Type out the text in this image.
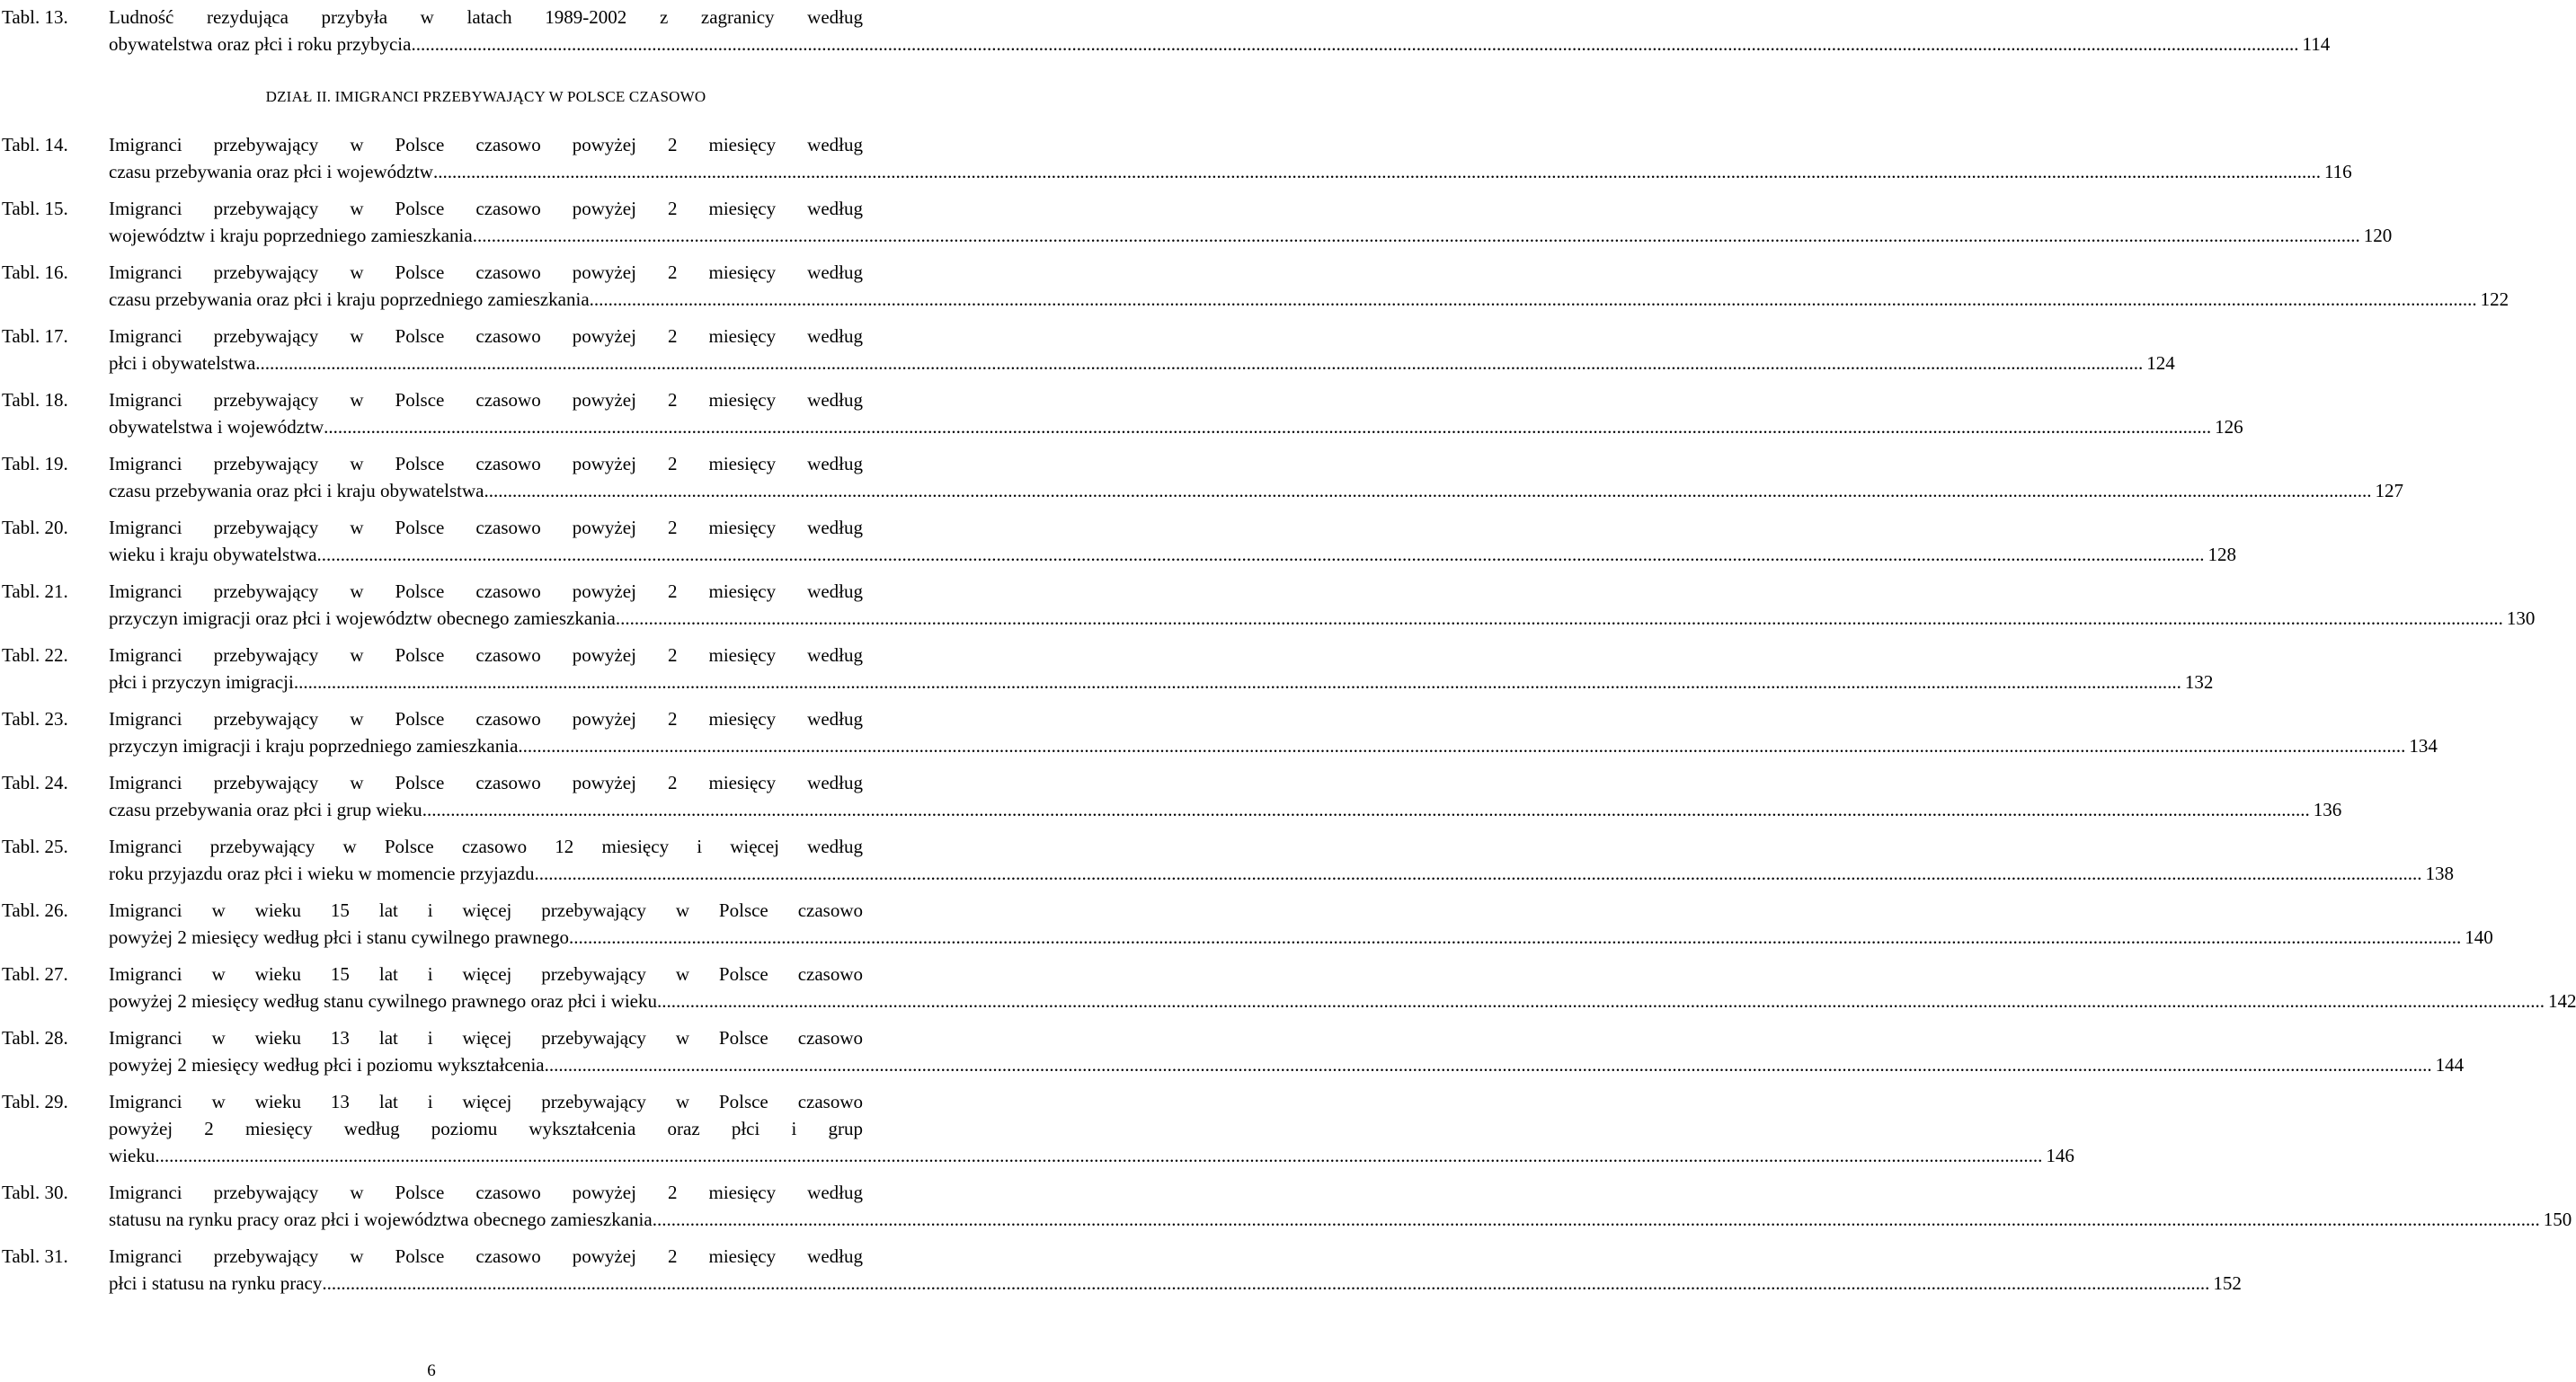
DZIAŁ II. IMIGRANCI PRZEBYWAJĄCY W POLSCE CZASOWO
Tabl. 13. Ludność rezydująca przybyła w latach 1989-2002 z zagranicy według
obywatelstwa oraz płci i roku przybycia ................................................................................................................................................................................................................................................................................................................................................................................................................ 114
Tabl. 14. Imigranci przebywający w Polsce czasowo powyżej 2 miesięcy według
czasu przebywania oraz płci i województw ................................................................................................................................................................................................................................................................................................................................................................................................................ 116
Tabl. 15. Imigranci przebywający w Polsce czasowo powyżej 2 miesięcy według
województw i kraju poprzedniego zamieszkania ................................................................................................................................................................................................................................................................................................................................................................................................................ 120
Tabl. 16. Imigranci przebywający w Polsce czasowo powyżej 2 miesięcy według
czasu przebywania oraz płci i kraju poprzedniego zamieszkania ................................................................................................................................................................................................................................................................................................................................................................................................................ 122
Tabl. 17. Imigranci przebywający w Polsce czasowo powyżej 2 miesięcy według
płci i obywatelstwa ................................................................................................................................................................................................................................................................................................................................................................................................................ 124
Tabl. 18. Imigranci przebywający w Polsce czasowo powyżej 2 miesięcy według
obywatelstwa i województw ................................................................................................................................................................................................................................................................................................................................................................................................................ 126
Tabl. 19. Imigranci przebywający w Polsce czasowo powyżej 2 miesięcy według
czasu przebywania oraz płci i kraju obywatelstwa ................................................................................................................................................................................................................................................................................................................................................................................................................ 127
Tabl. 20. Imigranci przebywający w Polsce czasowo powyżej 2 miesięcy według
wieku i kraju obywatelstwa ................................................................................................................................................................................................................................................................................................................................................................................................................ 128
Tabl. 21. Imigranci przebywający w Polsce czasowo powyżej 2 miesięcy według
przyczyn imigracji oraz płci i województw obecnego zamieszkania ................................................................................................................................................................................................................................................................................................................................................................................................................ 130
Tabl. 22. Imigranci przebywający w Polsce czasowo powyżej 2 miesięcy według
płci i przyczyn imigracji ................................................................................................................................................................................................................................................................................................................................................................................................................ 132
Tabl. 23. Imigranci przebywający w Polsce czasowo powyżej 2 miesięcy według
przyczyn imigracji i kraju poprzedniego zamieszkania ................................................................................................................................................................................................................................................................................................................................................................................................................ 134
Tabl. 24. Imigranci przebywający w Polsce czasowo powyżej 2 miesięcy według
czasu przebywania oraz płci i grup wieku ................................................................................................................................................................................................................................................................................................................................................................................................................ 136
Tabl. 25. Imigranci przebywający w Polsce czasowo 12 miesięcy i więcej według
roku przyjazdu oraz płci i wieku w momencie przyjazdu ................................................................................................................................................................................................................................................................................................................................................................................................................ 138
Tabl. 26. Imigranci w wieku 15 lat i więcej przebywający w Polsce czasowo
powyżej 2 miesięcy według płci i stanu cywilnego prawnego. ................................................................................................................................................................................................................................................................................................................................................................................................................ 140
Tabl. 27. Imigranci w wieku 15 lat i więcej przebywający w Polsce czasowo
powyżej 2 miesięcy według stanu cywilnego prawnego oraz płci i wieku ................................................................................................................................................................................................................................................................................................................................................................................................................ 142
Tabl. 28. Imigranci w wieku 13 lat i więcej przebywający w Polsce czasowo
powyżej 2 miesięcy według płci i poziomu wykształcenia ................................................................................................................................................................................................................................................................................................................................................................................................................ 144
Tabl. 29. Imigranci w wieku 13 lat i więcej przebywający w Polsce czasowo
powyżej 2 miesięcy według poziomu wykształcenia oraz płci i grup
wieku ................................................................................................................................................................................................................................................................................................................................................................................................................ 146
Tabl. 30. Imigranci przebywający w Polsce czasowo powyżej 2 miesięcy według
statusu na rynku pracy oraz płci i województwa obecnego zamieszkania ................................................................................................................................................................................................................................................................................................................................................................................................................ 150
Tabl. 31. Imigranci przebywający w Polsce czasowo powyżej 2 miesięcy według
płci i statusu na rynku pracy ................................................................................................................................................................................................................................................................................................................................................................................................................ 152
6
